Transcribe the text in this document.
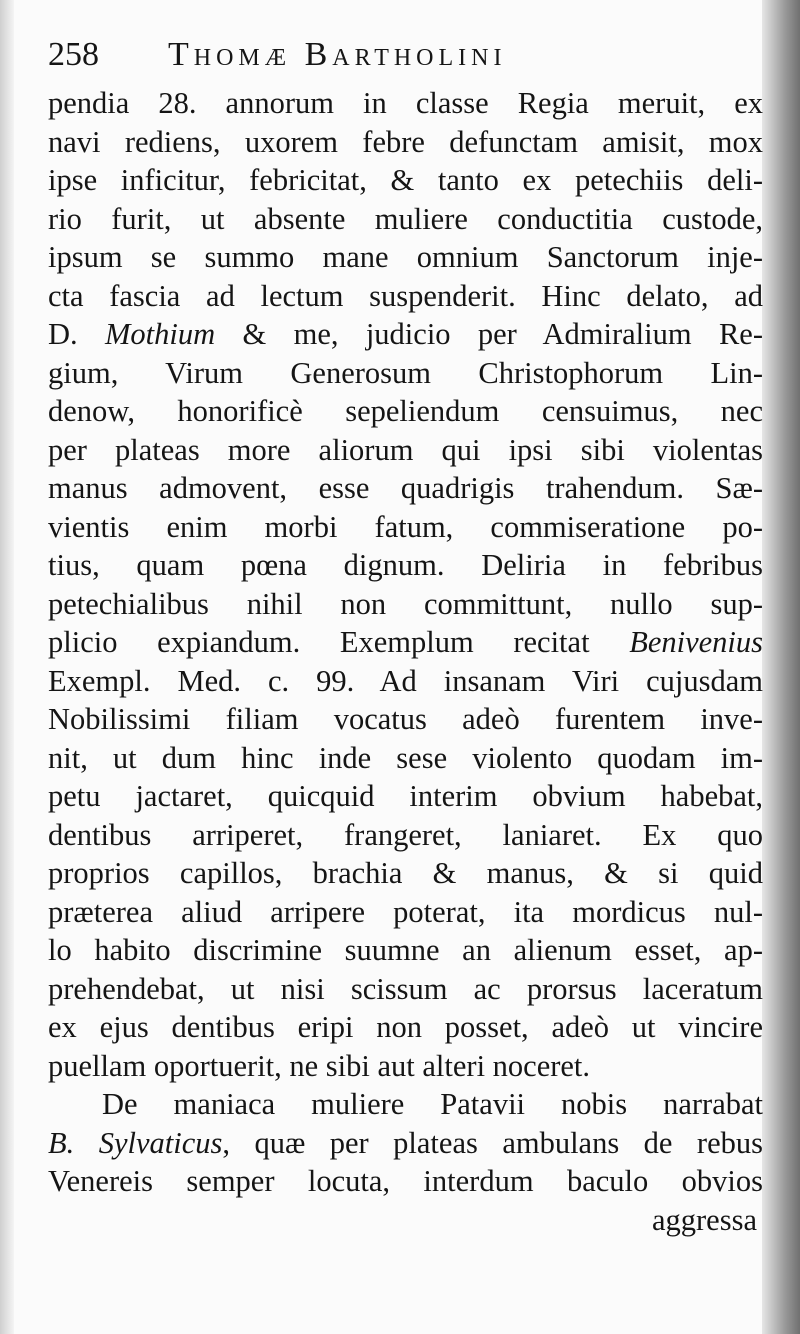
258 Thomæ Bartholini
pendia 28. annorum in classe Regia meruit, ex
navi rediens, uxorem febre defunctam amisit, mox
ipse inficitur, febricitat, & tanto ex petechiis deli-
rio furit, ut absente muliere conductitia custode,
ipsum se summo mane omnium Sanctorum inje-
cta fascia ad lectum suspenderit. Hinc delato, ad
D. Mothium & me, judicio per Admiralium Re-
gium, Virum Generosum Christophorum Lin-
denow, honorificè sepeliendum censuimus, nec
per plateas more aliorum qui ipsi sibi violentas
manus admovent, esse quadrigis trahendum. Sæ-
vientis enim morbi fatum, commiseratione po-
tius, quam pœna dignum. Deliria in febribus
petechialibus nihil non committunt, nullo sup-
plicio expiandum. Exemplum recitat Benivenius
Exempl. Med. c. 99. Ad insanam Viri cujusdam
Nobilissimi filiam vocatus adeò furentem inve-
nit, ut dum hinc inde sese violento quodam im-
petu jactaret, quicquid interim obvium habebat,
dentibus arriperet, frangeret, laniaret. Ex quo
proprios capillos, brachia & manus, & si quid
præterea aliud arripere poterat, ita mordicus nul-
lo habito discrimine suumne an alienum esset, ap-
prehendebat, ut nisi scissum ac prorsus laceratum
ex ejus dentibus eripi non posset, adeò ut vincire
puellam oportuerit, ne sibi aut alteri noceret.
De maniaca muliere Patavii nobis narrabat
B. Sylvaticus, quæ per plateas ambulans de rebus
Venereis semper locuta, interdum baculo obvios
aggressa
